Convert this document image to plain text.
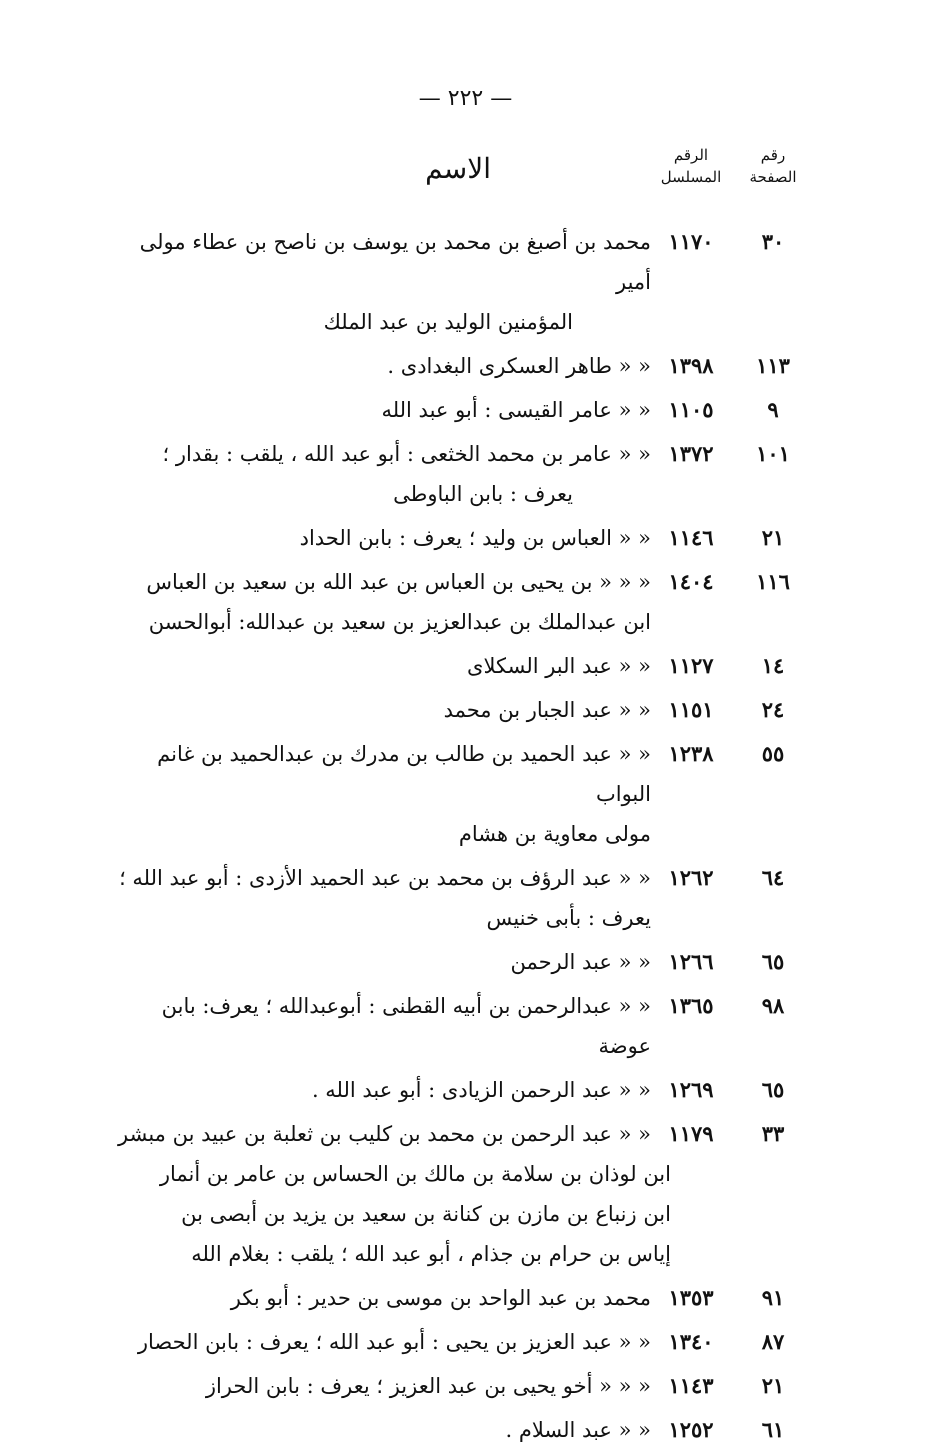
— ٢٢٢ —
رقم
الصفحة
الرقم
المسلسل
الاسم
٣٠
١١٧٠
محمد بن أصبغ بن محمد بن يوسف بن ناصح بن عطاء مولى أمير
المؤمنين الوليد بن عبد الملك
١١٣
١٣٩٨
« « طاهر العسكرى البغدادى .
٩
١١٠٥
« « عامر القيسى : أبو عبد الله
١٠١
١٣٧٢
« « عامر بن محمد الخثعى : أبو عبد الله ، يلقب : بقدار ؛
يعرف : بابن الباوطى
٢١
١١٤٦
« « العباس بن وليد ؛ يعرف : بابن الحداد
١١٦
١٤٠٤
« « « بن يحيى بن العباس بن عبد الله بن سعيد بن العباس
ابن عبدالملك بن عبدالعزيز بن سعيد بن عبدالله: أبوالحسن
١٤
١١٢٧
« « عبد البر السكلاى
٢٤
١١٥١
« « عبد الجبار بن محمد
٥٥
١٢٣٨
« « عبد الحميد بن طالب بن مدرك بن عبدالحميد بن غانم البواب
مولى معاوية بن هشام
٦٤
١٢٦٢
« « عبد الرؤف بن محمد بن عبد الحميد الأزدى : أبو عبد الله ؛
يعرف : بأبى خنيس
٦٥
١٢٦٦
« « عبد الرحمن
٩٨
١٣٦٥
« « عبدالرحمن بن أبيه القطنى : أبوعبدالله ؛ يعرف: بابن عوضة
٦٥
١٢٦٩
« « عبد الرحمن الزيادى : أبو عبد الله .
٣٣
١١٧٩
« « عبد الرحمن بن محمد بن كليب بن ثعلبة بن عبيد بن مبشر
ابن لوذان بن سلامة بن مالك بن الحساس بن عامر بن أنمار
ابن زنباع بن مازن بن كنانة بن سعيد بن يزيد بن أبصى بن
إياس بن حرام بن جذام ، أبو عبد الله ؛ يلقب : بغلام الله
٩١
١٣٥٣
محمد بن عبد الواحد بن موسى بن حدير : أبو بكر
٨٧
١٣٤٠
« « عبد العزيز بن يحيى : أبو عبد الله ؛ يعرف : بابن الحصار
٢١
١١٤٣
« « « أخو يحيى بن عبد العزيز ؛ يعرف : بابن الحراز
٦١
١٢٥٢
« « عبد السلام .
